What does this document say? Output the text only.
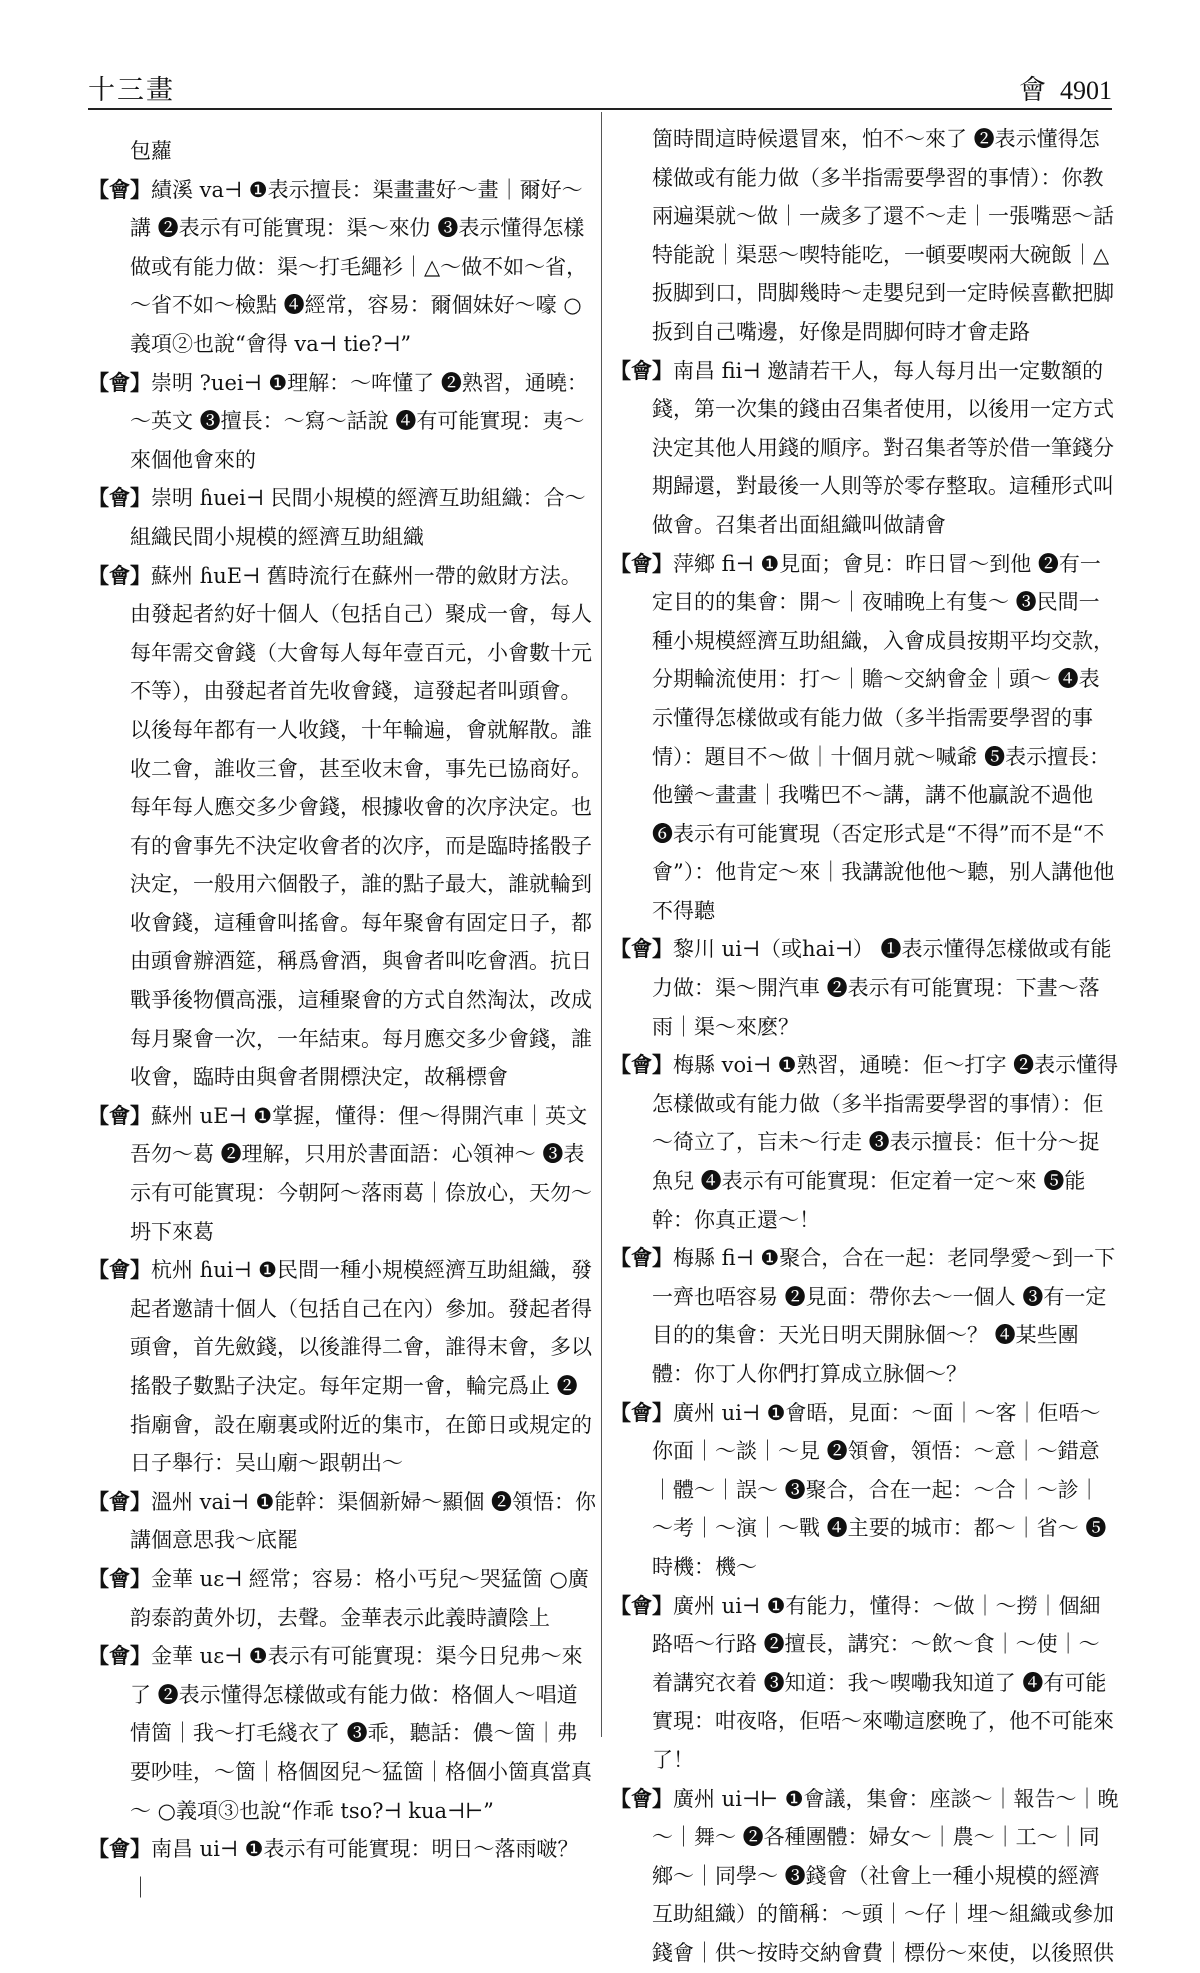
十三畫	會 4901

包蘿

【會】績溪 va⊣ ❶表示擅長：渠畫畫好～畫｜爾好～講 ❷表示有可能實現：渠～來仂 ❸表示懂得怎樣做或有能力做：渠～打毛繩衫｜△～做不如～省，～省不如～檢點 ❹經常，容易：爾個妹好～嚎 ○義項②也說“會得 va⊣ tie?⊣”

【會】崇明 ?uei⊣ ❶理解：～哖懂了 ❷熟習，通曉：～英文 ❸擅長：～寫～話說 ❹有可能實現：夷～來個他會來的

【會】崇明 ɦuei⊣ 民間小規模的經濟互助組織：合～組織民間小規模的經濟互助組織

【會】蘇州 ɦuE⊣ 舊時流行在蘇州一帶的斂財方法。由發起者約好十個人（包括自己）聚成一會，每人每年需交會錢（大會每人每年壹百元，小會數十元不等），由發起者首先收會錢，這發起者叫頭會。以後每年都有一人收錢，十年輪遍，會就解散。誰收二會，誰收三會，甚至收末會，事先已協商好。每年每人應交多少會錢，根據收會的次序決定。也有的會事先不決定收會者的次序，而是臨時搖骰子決定，一般用六個骰子，誰的點子最大，誰就輪到收會錢，這種會叫搖會。每年聚會有固定日子，都由頭會辦酒筵，稱爲會酒，與會者叫吃會酒。抗日戰爭後物價高漲，這種聚會的方式自然淘汰，改成每月聚會一次，一年結束。每月應交多少會錢，誰收會，臨時由與會者開標決定，故稱標會

【會】蘇州 uE⊣ ❶掌握，懂得：俚～得開汽車｜英文吾勿～葛 ❷理解，只用於書面語：心領神～ ❸表示有可能實現：今朝阿～落雨葛｜倷放心，天勿～坍下來葛

【會】杭州 ɦui⊣ ❶民間一種小規模經濟互助組織，發起者邀請十個人（包括自己在內）參加。發起者得頭會，首先斂錢，以後誰得二會，誰得末會，多以搖骰子數點子決定。每年定期一會，輪完爲止 ❷指廟會，設在廟裏或附近的集市，在節日或規定的日子舉行：吴山廟～跟朝出～

【會】溫州 vai⊣ ❶能幹：渠個新婦～顯個 ❷領悟：你講個意思我～底罷

【會】金華 uɛ⊣ 經常；容易：格小丐兒～哭猛箇 ○廣韵泰韵黄外切，去聲。金華表示此義時讀陰上

【會】金華 uɛ⊣ ❶表示有可能實現：渠今日兒弗～來了 ❷表示懂得怎樣做或有能力做：格個人～唱道情箇｜我～打毛綫衣了 ❸乖，聽話：儂～箇｜弗要吵哇，～箇｜格個囡兒～猛箇｜格個小箇真當真～ ○義項③也說“作乖 tso?⊣ kua⊣⊢”

【會】南昌 ui⊣ ❶表示有可能實現：明日～落雨啵？｜

箇時間這時候還冒來，怕不～來了 ❷表示懂得怎樣做或有能力做（多半指需要學習的事情）：你教兩遍渠就～做｜一歲多了還不～走｜一張嘴惡～話特能說｜渠惡～喫特能吃，一頓要喫兩大碗飯｜△扳脚到口，問脚幾時～走嬰兒到一定時候喜歡把脚扳到自己嘴邊，好像是問脚何時才會走路

【會】南昌 fii⊣ 邀請若干人，每人每月出一定數額的錢，第一次集的錢由召集者使用，以後用一定方式決定其他人用錢的順序。對召集者等於借一筆錢分期歸還，對最後一人則等於零存整取。這種形式叫做會。召集者出面組織叫做請會

【會】萍鄉 fi⊣ ❶見面；會見：昨日冒～到他 ❷有一定目的的集會：開～｜夜晡晚上有隻～ ❸民間一種小規模經濟互助組織，入會成員按期平均交款，分期輪流使用：打～｜贍～交納會金｜頭～ ❹表示懂得怎樣做或有能力做（多半指需要學習的事情）：題目不～做｜十個月就～喊爺 ❺表示擅長：他蠻～畫畫｜我嘴巴不～講，講不他贏說不過他 ❻表示有可能實現（否定形式是“不得”而不是“不會”）：他肯定～來｜我講說他他～聽，别人講他他不得聽

【會】黎川 ui⊣（或hai⊣） ❶表示懂得怎樣做或有能力做：渠～開汽車 ❷表示有可能實現：下晝～落雨｜渠～來麽？

【會】梅縣 voi⊣ ❶熟習，通曉：佢～打字 ❷表示懂得怎樣做或有能力做（多半指需要學習的事情）：佢～徛立了，吂未～行走 ❸表示擅長：佢十分～捉魚兒 ❹表示有可能實現：佢定着一定～來 ❺能幹：你真正還～！

【會】梅縣 fi⊣ ❶聚合，合在一起：老同學愛～到一下一齊也唔容易 ❷見面：帶你去～一個人 ❸有一定目的的集會：天光日明天開脉個～？ ❹某些團體：你丁人你們打算成立脉個～？

【會】廣州 ui⊣ ❶會晤，見面：～面｜～客｜佢唔～你面｜～談｜～見 ❷領會，領悟：～意｜～錯意｜體～｜誤～ ❸聚合，合在一起：～合｜～診｜～考｜～演｜～戰 ❹主要的城市：都～｜省～ ❺時機：機～

【會】廣州 ui⊣ ❶有能力，懂得：～做｜～撈｜個細路唔～行路 ❷擅長，講究：～飲～食｜～使｜～着講究衣着 ❸知道：我～喫嘞我知道了 ❹有可能實現：咁夜咯，佢唔～來嘞這麽晚了，他不可能來了！

【會】廣州 ui⊣⊢ ❶會議，集會：座談～｜報告～｜晚～｜舞～ ❷各種團體：婦女～｜農～｜工～｜同鄉～｜同學～ ❸錢會（社會上一種小規模的經濟互助組織）的簡稱：～頭｜～仔｜埋～組織或參加錢會｜供～按時交納會費｜標份～來使，以後照供
